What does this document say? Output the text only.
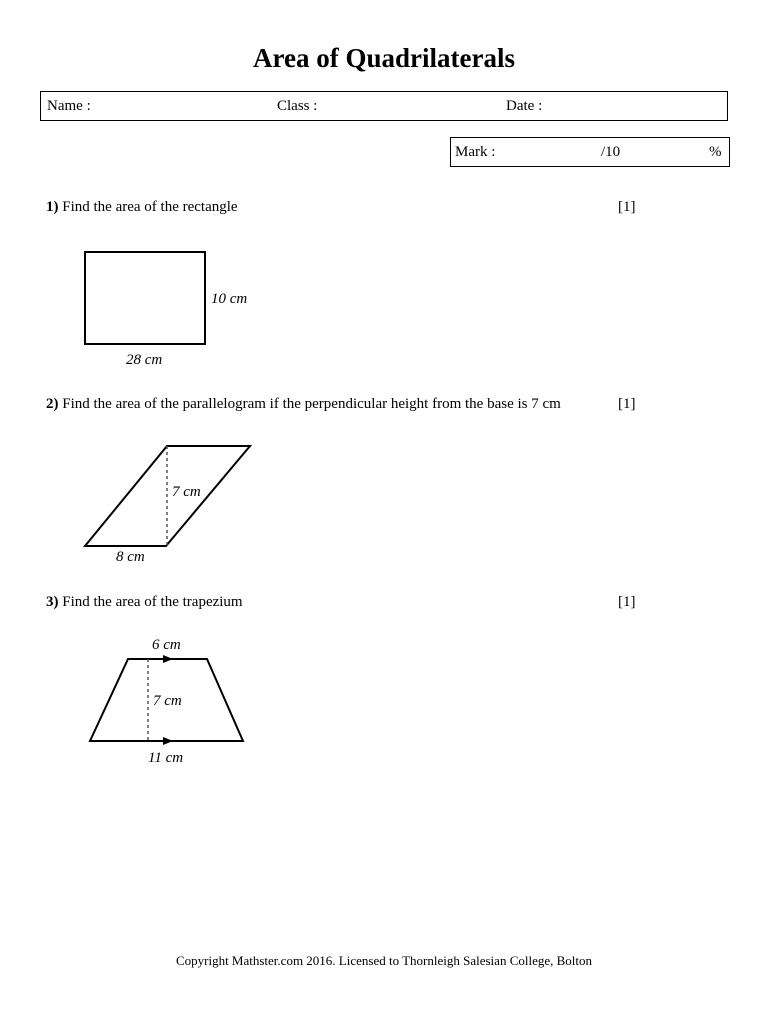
Area of Quadrilaterals
Name :	Class :	Date :
Mark :	/10	%
1) Find the area of the rectangle	[1]
10 cm
28 cm
7 cm
8 cm
6 cm
7 cm
11 cm
2) Find the area of the parallelogram if the perpendicular height from the base is 7 cm	[1]
3) Find the area of the trapezium	[1]
Copyright Mathster.com 2016. Licensed to Thornleigh Salesian College, Bolton
